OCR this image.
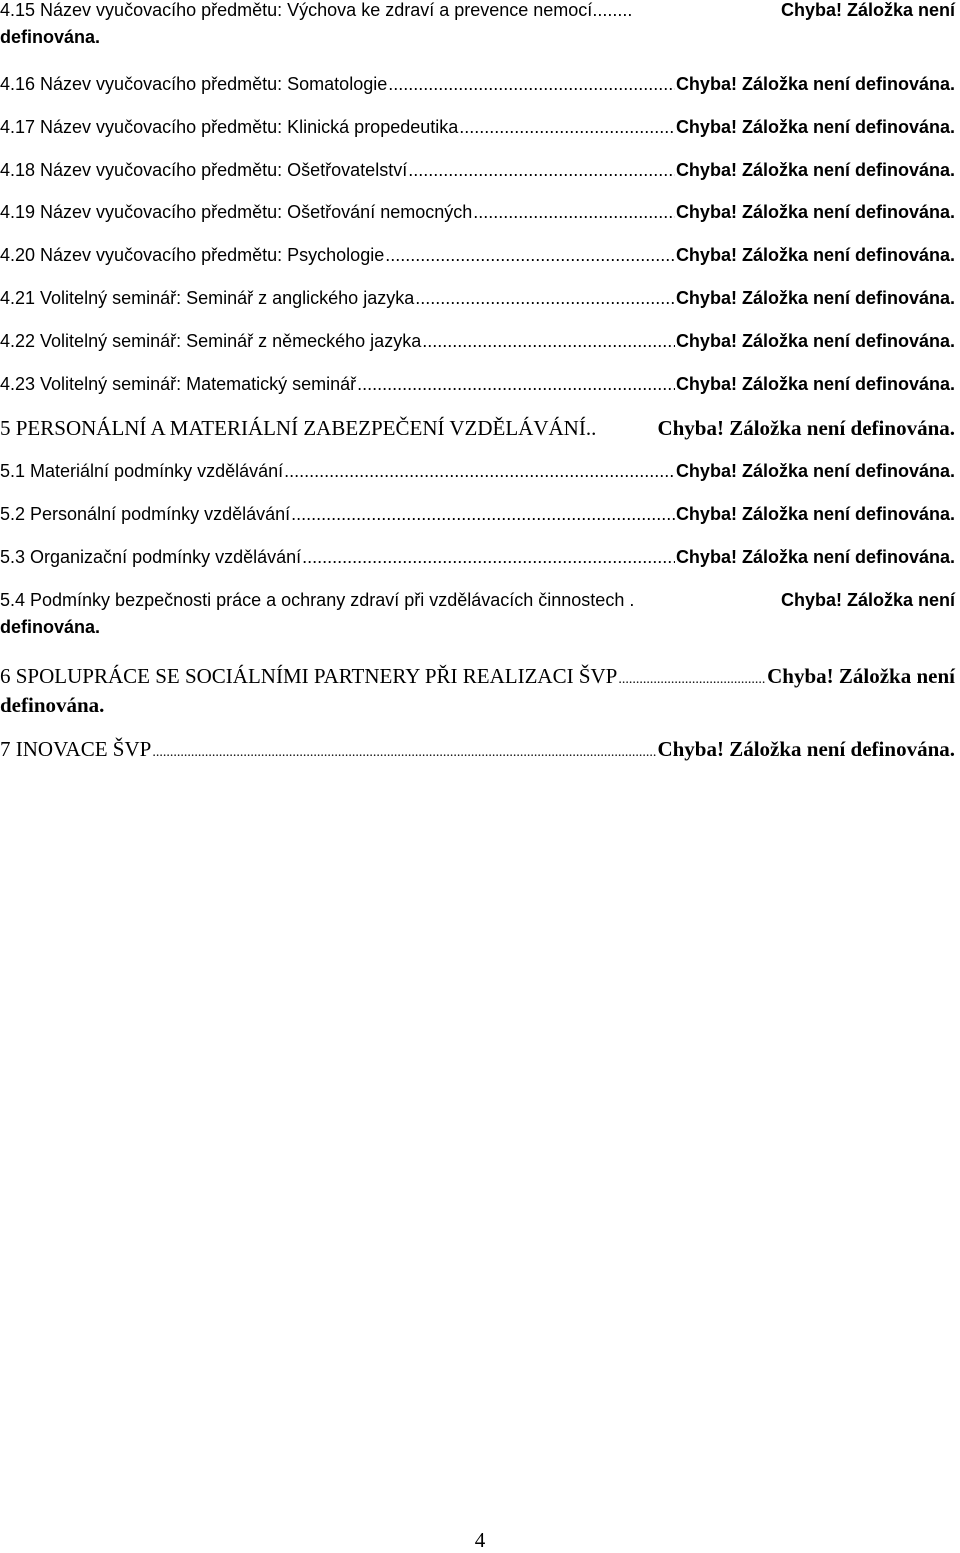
4.15 Název vyučovacího předmětu: Výchova ke zdraví a prevence nemocí........	Chyba! Záložka není
definována.
4.16 Název vyučovacího předmětu: Somatologie .....	Chyba! Záložka není definována.
4.17 Název vyučovacího předmětu: Klinická propedeutika .....	Chyba! Záložka není definována.
4.18 Název vyučovacího předmětu: Ošetřovatelství .....	Chyba! Záložka není definována.
4.19 Název vyučovacího předmětu: Ošetřování nemocných .....	Chyba! Záložka není definována.
4.20 Název vyučovacího předmětu: Psychologie .....	Chyba! Záložka není definována.
4.21 Volitelný seminář: Seminář z anglického jazyka .....	Chyba! Záložka není definována.
4.22 Volitelný seminář: Seminář z německého jazyka .....	Chyba! Záložka není definována.
4.23 Volitelný seminář: Matematický seminář .....	Chyba! Záložka není definována.
5 PERSONÁLNÍ A MATERIÁLNÍ ZABEZPEČENÍ VZDĚLÁVÁNÍ ..	Chyba! Záložka není definována.
5.1 Materiální podmínky vzdělávání .....	Chyba! Záložka není definována.
5.2 Personální podmínky vzdělávání .....	Chyba! Záložka není definována.
5.3 Organizační podmínky vzdělávání .....	Chyba! Záložka není definována.
5.4 Podmínky bezpečnosti práce a ochrany zdraví při vzdělávacích činnostech .	Chyba! Záložka není
definována.
6 SPOLUPRÁCE SE SOCIÁLNÍMI PARTNERY PŘI REALIZACI ŠVP .....	Chyba! Záložka není
definována.
7 INOVACE ŠVP .....	Chyba! Záložka není definována.
4
